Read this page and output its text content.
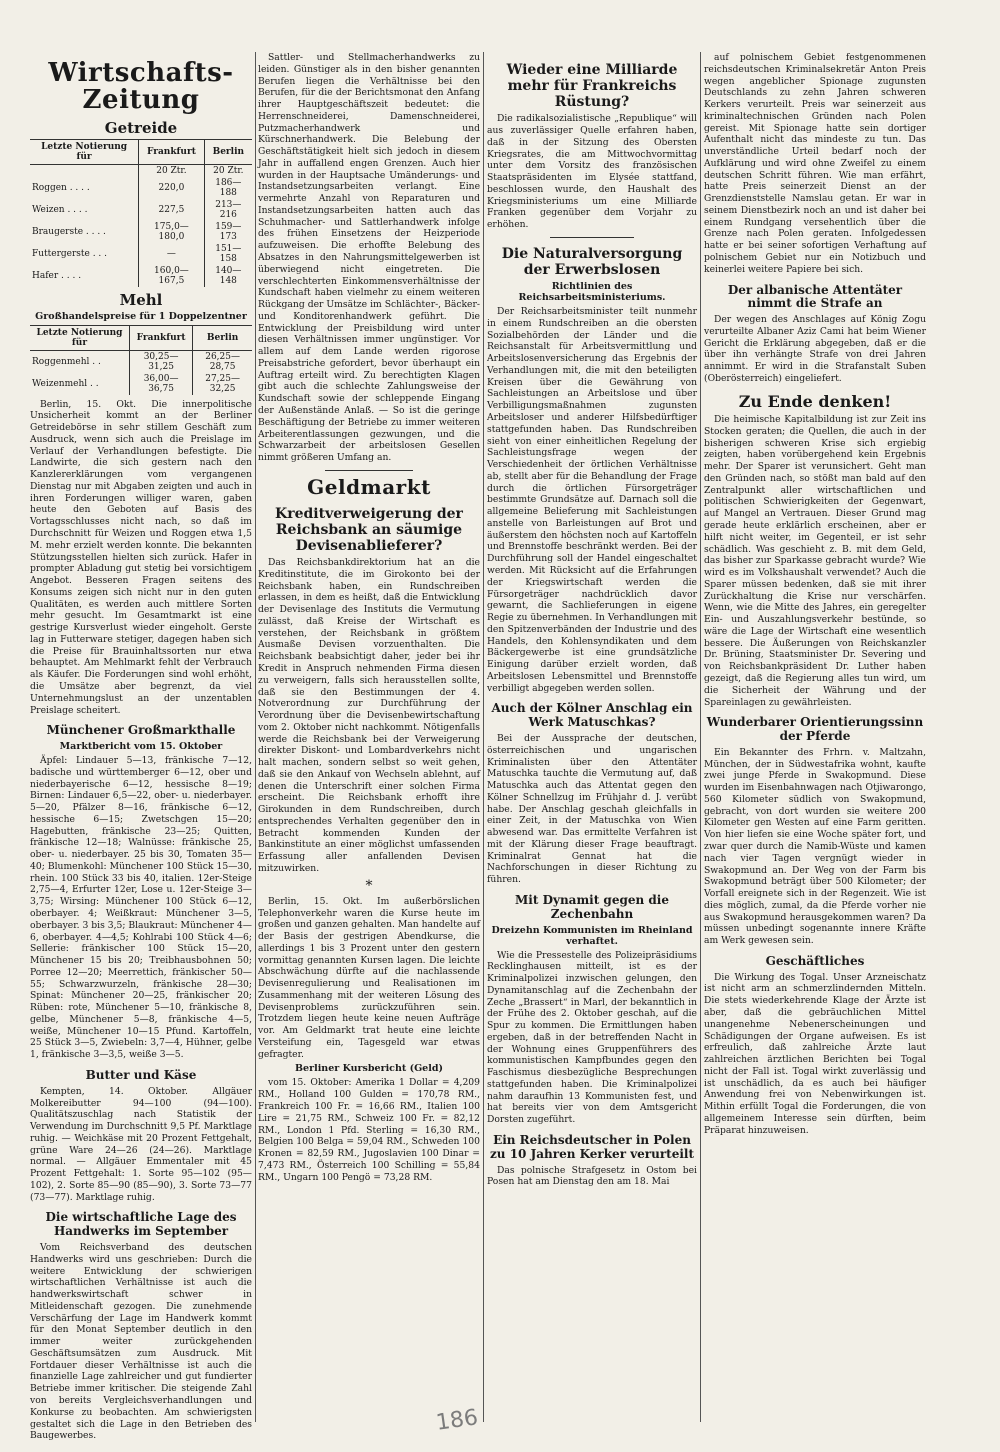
Wirtschafts-Zeitung
Getreide
Letzte Notierung für	Frankfurt	Berlin
	20 Ztr.	20 Ztr.
Roggen . . . .	220,0	186—188
Weizen . . . .	227,5	213—216
Braugerste . . . .	175,0—180,0	159—173
Futtergerste . . .	—	151—158
Hafer . . . .	160,0—167,5	140—148
Mehl
Großhandelspreise für 1 Doppelzentner
Letzte Notierung für	Frankfurt	Berlin
Roggenmehl . .	30,25—31,25	26,25—28,75
Weizenmehl . .	36,00—36,75	27,25—32,25

Berlin, 15. Okt. Die innerpolitische Unsicherheit kommt an der Berliner Getreidebörse in sehr stillem Geschäft zum Ausdruck, wenn sich auch die Preislage im Verlauf der Verhandlungen befestigte. Die Landwirte, die sich gestern nach den Kanzlererklärungen vom vergangenen Dienstag nur mit Abgaben zeigten und auch in ihren Forderungen williger waren, gaben heute den Geboten auf Basis des Vortagsschlusses nicht nach, so daß im Durchschnitt für Weizen und Roggen etwa 1,5 M. mehr erzielt werden konnte. Die bekannten Stützungsstellen hielten sich zurück. Hafer in prompter Abladung gut stetig bei vorsichtigem Angebot. Besseren Fragen seitens des Konsums zeigen sich nicht nur in den guten Qualitäten, es werden auch mittlere Sorten mehr gesucht. Im Gesamtmarkt ist eine gestrige Kursverlust wieder eingeholt. Gerste lag in Futterware stetiger, dagegen haben sich die Preise für Brauinhaltssorten nur etwa behauptet. Am Mehlmarkt fehlt der Verbrauch als Käufer. Die Forderungen sind wohl erhöht, die Umsätze aber begrenzt, da viel Unternehmungslust an der unzentablen Preislage scheitert.

Münchener Großmarkthalle
Marktbericht vom 15. Oktober

Äpfel: Lindauer 5—13, fränkische 7—12, badische und württemberger 6—12, ober und niederbayerische 6—12, hessische 8—19; Birnen: Lindauer 6,5—22, ober- u. niederbayer. 5—20, Pfälzer 8—16, fränkische 6—12, hessische 6—15; Zwetschgen 15—20; Hagebutten, fränkische 23—25; Quitten, fränkische 12—18; Walnüsse: fränkische 25, ober- u. niederbayer. 25 bis 30, Tomaten 35—40; Blumenkohl: Münchener 100 Stück 15—30, rhein. 100 Stück 33 bis 40, italien. 12er-Steige 2,75—4, Erfurter 12er, Lose u. 12er-Steige 3—3,75; Wirsing: Münchener 100 Stück 6—12, oberbayer. 4; Weißkraut: Münchener 3—5, oberbayer. 3 bis 3,5; Blaukraut: Münchener 4—6, oberbayer. 4—4,5; Kohlrabi 100 Stück 4—6; Sellerie: fränkischer 100 Stück 15—20, Münchener 15 bis 20; Treibhausbohnen 50; Porree 12—20; Meerrettich, fränkischer 50—55; Schwarzwurzeln, fränkische 28—30; Spinat: Münchener 20—25, fränkischer 20; Rüben: rote, Münchener 5—10, fränkische 8, gelbe, Münchener 5—8, fränkische 4—5, weiße, Münchener 10—15 Pfund. Kartoffeln, 25 Stück 3—5, Zwiebeln: 3,7—4, Hühner, gelbe 1, fränkische 3—3,5, weiße 3—5.

Butter und Käse

Kempten, 14. Oktober. Allgäuer Molkereibutter 94—100 (94—100). Qualitätszuschlag nach Statistik der Verwendung im Durchschnitt 9,5 Pf. Marktlage ruhig. — Weichkäse mit 20 Prozent Fettgehalt, grüne Ware 24—26 (24—26). Marktlage normal. — Allgäuer Emmentaler mit 45 Prozent Fettgehalt: 1. Sorte 95—102 (95—102), 2. Sorte 85—90 (85—90), 3. Sorte 73—77 (73—77). Marktlage ruhig.

Die wirtschaftliche Lage des Handwerks im September

Vom Reichsverband des deutschen Handwerks wird uns geschrieben: Durch die weitere Entwicklung der schwierigen wirtschaftlichen Verhältnisse ist auch die handwerkswirtschaft schwer in Mitleidenschaft gezogen. Die zunehmende Verschärfung der Lage im Handwerk kommt für den Monat September deutlich in den immer weiter zurückgehenden Geschäftsumsätzen zum Ausdruck. Mit Fortdauer dieser Verhältnisse ist auch die finanzielle Lage zahlreicher und gut fundierter Betriebe immer kritischer. Die steigende Zahl von bereits Vergleichsverhandlungen und Konkurse zu beobachten. Am schwierigsten gestaltet sich die Lage in den Betrieben des Baugewerbes.

Sattler- und Stellmacherhandwerks zu leiden. Günstiger als in den bisher genannten Berufen liegen die Verhältnisse bei den Berufen, für die der Berichtsmonat den Anfang ihrer Hauptgeschäftszeit bedeutet: die Herrenschneiderei, Damenschneiderei, Putzmacherhandwerk und Kürschnerhandwerk. Die Belebung der Geschäftstätigkeit hielt sich jedoch in diesem Jahr in auffallend engen Grenzen. Auch hier wurden in der Hauptsache Umänderungs- und Instandsetzungsarbeiten verlangt. Eine vermehrte Anzahl von Reparaturen und Instandsetzungsarbeiten hatten auch das Schuhmacher- und Sattlerhandwerk infolge des frühen Einsetzens der Heizperiode aufzuweisen. Die erhoffte Belebung des Absatzes in den Nahrungsmittelgewerben ist überwiegend nicht eingetreten. Die verschlechterten Einkommensverhältnisse der Kundschaft haben vielmehr zu einem weiteren Rückgang der Umsätze im Schlächter-, Bäcker- und Konditorenhandwerk geführt. Die Entwicklung der Preisbildung wird unter diesen Verhältnissen immer ungünstiger. Vor allem auf dem Lande werden rigorose Preisabstriche gefordert, bevor überhaupt ein Auftrag erteilt wird. Zu berechtigten Klagen gibt auch die schlechte Zahlungsweise der Kundschaft sowie der schleppende Eingang der Außenstände Anlaß. — So ist die geringe Beschäftigung der Betriebe zu immer weiteren Arbeiterentlassungen gezwungen, und die Schwarzarbeit der arbeitslosen Gesellen nimmt größeren Umfang an.

Geldmarkt
Kreditverweigerung der Reichsbank an säumige Devisenablieferer?

Das Reichsbankdirektorium hat an die Kreditinstitute, die im Girokonto bei der Reichsbank haben, ein Rundschreiben erlassen, in dem es heißt, daß die Entwicklung der Devisenlage des Instituts die Vermutung zulässt, daß Kreise der Wirtschaft es verstehen, der Reichsbank in größtem Ausmaße Devisen vorzuenthalten. Die Reichsbank beabsichtigt daher, jeder bei ihr Kredit in Anspruch nehmenden Firma diesen zu verweigern, falls sich herausstellen sollte, daß sie den Bestimmungen der 4. Notverordnung zur Durchführung der Verordnung über die Devisenbewirtschaftung vom 2. Oktober nicht nachkommt. Nötigenfalls werde die Reichsbank bei der Verweigerung direkter Diskont- und Lombardverkehrs nicht halt machen, sondern selbst so weit gehen, daß sie den Ankauf von Wechseln ablehnt, auf denen die Unterschrift einer solchen Firma erscheint. Die Reichsbank erhofft ihre Girokunden in dem Rundschreiben, durch entsprechendes Verhalten gegenüber den in Betracht kommenden Kunden der Bankinstitute an einer möglichst umfassenden Erfassung aller anfallenden Devisen mitzuwirken.

*

Berlin, 15. Okt. Im außerbörslichen Telephonverkehr waren die Kurse heute im großen und ganzen gehalten. Man handelte auf der Basis der gestrigen Abendkurse, die allerdings 1 bis 3 Prozent unter den gestern vormittag genannten Kursen lagen. Die leichte Abschwächung dürfte auf die nachlassende Devisenregulierung und Realisationen im Zusammenhang mit der weiteren Lösung des Devisenproblems zurückzuführen sein. Trotzdem liegen heute keine neuen Aufträge vor. Am Geldmarkt trat heute eine leichte Versteifung ein, Tagesgeld war etwas gefragter.

Berliner Kursbericht (Geld)

vom 15. Oktober: Amerika 1 Dollar = 4,209 RM., Holland 100 Gulden = 170,78 RM., Frankreich 100 Fr. = 16,66 RM., Italien 100 Lire = 21,75 RM., Schweiz 100 Fr. = 82,12 RM., London 1 Pfd. Sterling = 16,30 RM., Belgien 100 Belga = 59,04 RM., Schweden 100 Kronen = 82,59 RM., Jugoslavien 100 Dinar = 7,473 RM., Österreich 100 Schilling = 55,84 RM., Ungarn 100 Pengö = 73,28 RM.

Wieder eine Milliarde mehr für Frankreichs Rüstung?

Die radikalsozialistische „Republique“ will aus zuverlässiger Quelle erfahren haben, daß in der Sitzung des Obersten Kriegsrates, die am Mittwochvormittag unter dem Vorsitz des französischen Staatspräsidenten im Elysée stattfand, beschlossen wurde, den Haushalt des Kriegsministeriums um eine Milliarde Franken gegenüber dem Vorjahr zu erhöhen.

Die Naturalversorgung der Erwerbslosen
Richtlinien des Reichsarbeitsministeriums.

Der Reichsarbeitsminister teilt nunmehr in einem Rundschreiben an die obersten Sozialbehörden der Länder und die Reichsanstalt für Arbeitsvermittlung und Arbeitslosenversicherung das Ergebnis der Verhandlungen mit, die mit den beteiligten Kreisen über die Gewährung von Sachleistungen an Arbeitslose und über Verbilligungsmaßnahmen zugunsten Arbeitsloser und anderer Hilfsbedürftiger stattgefunden haben. Das Rundschreiben sieht von einer einheitlichen Regelung der Sachleistungsfrage wegen der Verschiedenheit der örtlichen Verhältnisse ab, stellt aber für die Behandlung der Frage durch die örtlichen Fürsorgeträger bestimmte Grundsätze auf. Darnach soll die allgemeine Belieferung mit Sachleistungen anstelle von Barleistungen auf Brot und äußerstem den höchsten noch auf Kartoffeln und Brennstoffe beschränkt werden. Bei der Durchführung soll der Handel eingeschaltet werden. Mit Rücksicht auf die Erfahrungen der Kriegswirtschaft werden die Fürsorgeträger nachdrücklich davor gewarnt, die Sachlieferungen in eigene Regie zu übernehmen. In Verhandlungen mit den Spitzenverbänden der Industrie und des Handels, den Kohlensyndikaten und dem Bäckergewerbe ist eine grundsätzliche Einigung darüber erzielt worden, daß Arbeitslosen Lebensmittel und Brennstoffe verbilligt abgegeben werden sollen.

Auch der Kölner Anschlag ein Werk Matuschkas?

Bei der Aussprache der deutschen, österreichischen und ungarischen Kriminalisten über den Attentäter Matuschka tauchte die Vermutung auf, daß Matuschka auch das Attentat gegen den Kölner Schnellzug im Frühjahr d. J. verübt habe. Der Anschlag geschah gleichfalls in einer Zeit, in der Matuschka von Wien abwesend war. Das ermittelte Verfahren ist mit der Klärung dieser Frage beauftragt. Kriminalrat Gennat hat die Nachforschungen in dieser Richtung zu führen.

Mit Dynamit gegen die Zechenbahn
Dreizehn Kommunisten im Rheinland verhaftet.

Wie die Pressestelle des Polizeipräsidiums Recklinghausen mitteilt, ist es der Kriminalpolizei inzwischen gelungen, den Dynamitanschlag auf die Zechenbahn der Zeche „Brassert“ in Marl, der bekanntlich in der Frühe des 2. Oktober geschah, auf die Spur zu kommen. Die Ermittlungen haben ergeben, daß in der betreffenden Nacht in der Wohnung eines Gruppenführers des kommunistischen Kampfbundes gegen den Faschismus diesbezügliche Besprechungen stattgefunden haben. Die Kriminalpolizei nahm daraufhin 13 Kommunisten fest, und hat bereits vier von dem Amtsgericht Dorsten zugeführt.

Ein Reichsdeutscher in Polen zu 10 Jahren Kerker verurteilt

Das polnische Strafgesetz in Ostom bei Posen hat am Dienstag den am 18. Mai

auf polnischem Gebiet festgenommenen reichsdeutschen Kriminalsekretär Anton Preis wegen angeblicher Spionage zugunsten Deutschlands zu zehn Jahren schweren Kerkers verurteilt. Preis war seinerzeit aus kriminaltechnischen Gründen nach Polen gereist. Mit Spionage hatte sein dortiger Aufenthalt nicht das mindeste zu tun. Das unverständliche Urteil bedarf noch der Aufklärung und wird ohne Zweifel zu einem deutschen Schritt führen. Wie man erfährt, hatte Preis seinerzeit Dienst an der Grenzdienststelle Namslau getan. Er war in seinem Dienstbezirk noch an und ist daher bei einem Rundgang versehentlich über die Grenze nach Polen geraten. Infolgedessen hatte er bei seiner sofortigen Verhaftung auf polnischem Gebiet nur ein Notizbuch und keinerlei weitere Papiere bei sich.

Der albanische Attentäter nimmt die Strafe an

Der wegen des Anschlages auf König Zogu verurteilte Albaner Aziz Cami hat beim Wiener Gericht die Erklärung abgegeben, daß er die über ihn verhängte Strafe von drei Jahren annimmt. Er wird in die Strafanstalt Suben (Oberösterreich) eingeliefert.

Zu Ende denken!

Die heimische Kapitalbildung ist zur Zeit ins Stocken geraten; die Quellen, die auch in der bisherigen schweren Krise sich ergiebig zeigten, haben vorübergehend kein Ergebnis mehr. Der Sparer ist verunsichert. Geht man den Gründen nach, so stößt man bald auf den Zentralpunkt aller wirtschaftlichen und politischen Schwierigkeiten der Gegenwart, auf Mangel an Vertrauen. Dieser Grund mag gerade heute erklärlich erscheinen, aber er hilft nicht weiter, im Gegenteil, er ist sehr schädlich. Was geschieht z. B. mit dem Geld, das bisher zur Sparkasse gebracht wurde? Wie wird es im Volkshaushalt verwendet? Auch die Sparer müssen bedenken, daß sie mit ihrer Zurückhaltung die Krise nur verschärfen. Wenn, wie die Mitte des Jahres, ein geregelter Ein- und Auszahlungsverkehr bestünde, so wäre die Lage der Wirtschaft eine wesentlich bessere. Die Äußerungen von Reichskanzler Dr. Brüning, Staatsminister Dr. Severing und von Reichsbankpräsident Dr. Luther haben gezeigt, daß die Regierung alles tun wird, um die Sicherheit der Währung und der Spareinlagen zu gewährleisten.

Wunderbarer Orientierungssinn der Pferde

Ein Bekannter des Frhrn. v. Maltzahn, München, der in Südwestafrika wohnt, kaufte zwei junge Pferde in Swakopmund. Diese wurden im Eisenbahnwagen nach Otjiwarongo, 560 Kilometer südlich von Swakopmund, gebracht, von dort wurden sie weitere 200 Kilometer gen Westen auf eine Farm geritten. Von hier liefen sie eine Woche später fort, und zwar quer durch die Namib-Wüste und kamen nach vier Tagen vergnügt wieder in Swakopmund an. Der Weg von der Farm bis Swakopmund beträgt über 500 Kilometer; der Vorfall ereignete sich in der Regenzeit. Wie ist dies möglich, zumal, da die Pferde vorher nie aus Swakopmund herausgekommen waren? Da müssen unbedingt sogenannte innere Kräfte am Werk gewesen sein.

Geschäftliches

Die Wirkung des Togal. Unser Arzneischatz ist nicht arm an schmerzlindernden Mitteln. Die stets wiederkehrende Klage der Ärzte ist aber, daß die gebräuchlichen Mittel unangenehme Nebenerscheinungen und Schädigungen der Organe aufweisen. Es ist erfreulich, daß zahlreiche Ärzte laut zahlreichen ärztlichen Berichten bei Togal nicht der Fall ist. Togal wirkt zuverlässig und ist unschädlich, da es auch bei häufiger Anwendung frei von Nebenwirkungen ist. Mithin erfüllt Togal die Forderungen, die von allgemeinem Interesse sein dürften, beim Präparat hinzuweisen.

186
